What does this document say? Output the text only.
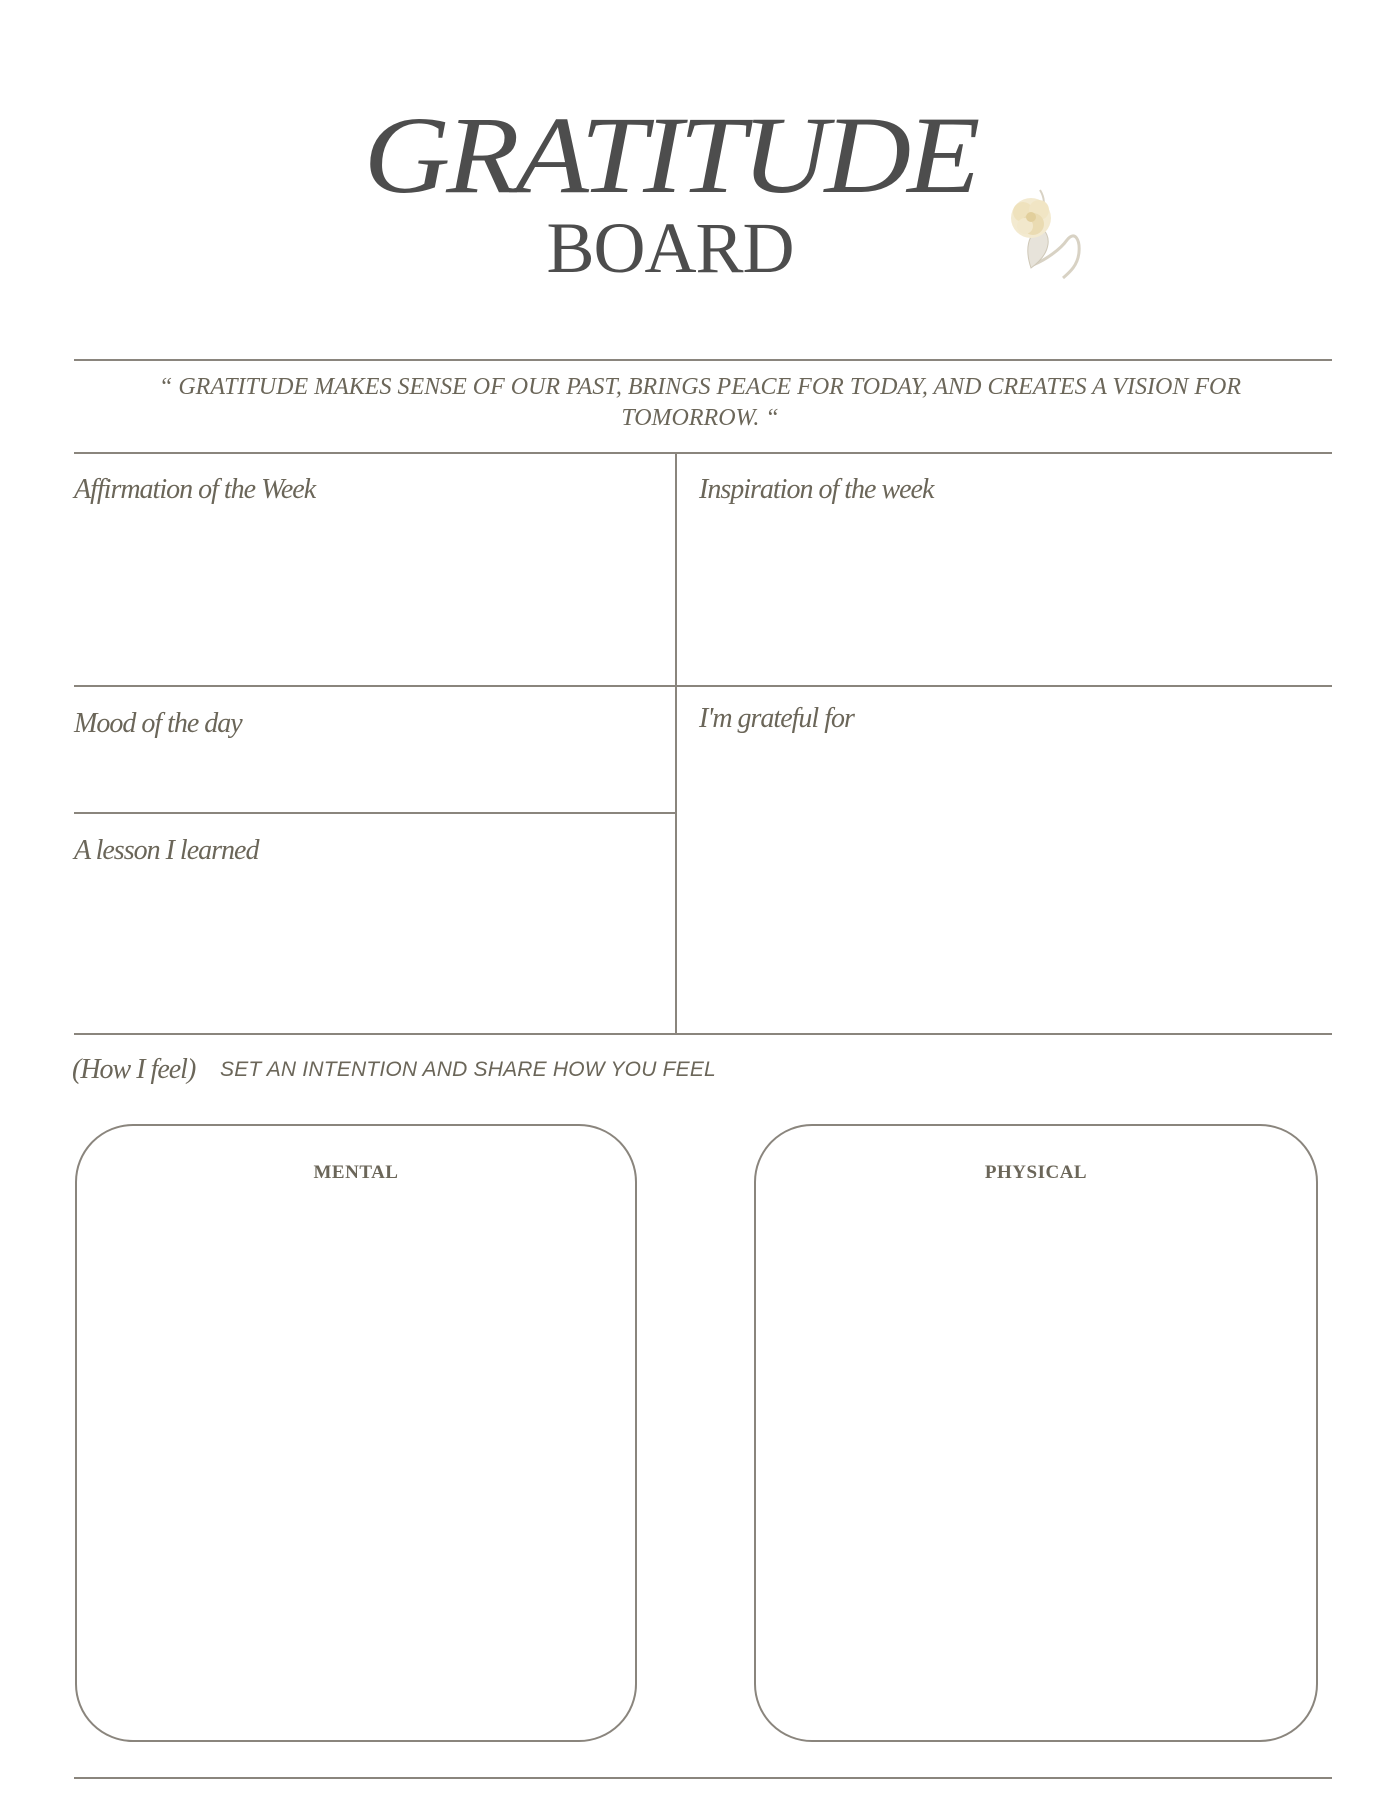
GRATITUDE
BOARD
“ GRATITUDE MAKES SENSE OF OUR PAST, BRINGS PEACE FOR TODAY, AND CREATES A VISION FOR TOMORROW. “
Affirmation of the Week	Inspiration of the week
Mood of the day	I'm grateful for
A lesson I learned
(How I feel) SET AN INTENTION AND SHARE HOW YOU FEEL
MENTAL	PHYSICAL
